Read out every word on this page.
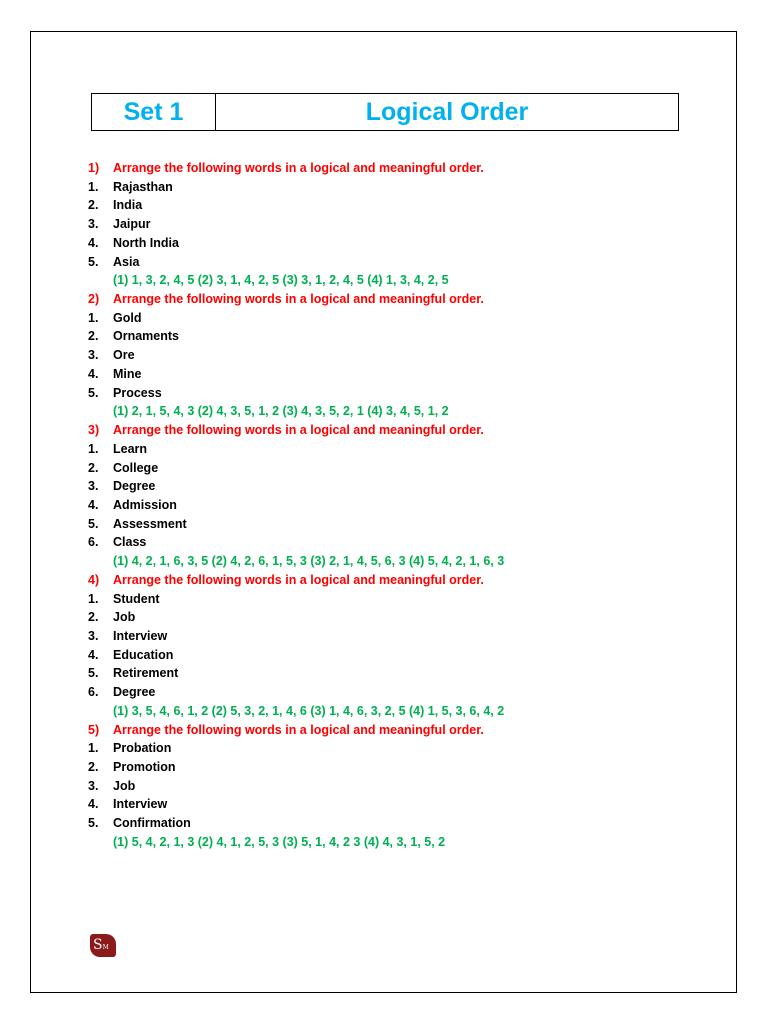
Set 1	Logical Order
1)	Arrange the following words in a logical and meaningful order.
1.	Rajasthan
2.	India
3.	Jaipur
4.	North India
5.	Asia
(1) 1, 3, 2, 4, 5 (2) 3, 1, 4, 2, 5 (3) 3, 1, 2, 4, 5 (4) 1, 3, 4, 2, 5
2)	Arrange the following words in a logical and meaningful order.
1.	Gold
2.	Ornaments
3.	Ore
4.	Mine
5.	Process
(1) 2, 1, 5, 4, 3 (2) 4, 3, 5, 1, 2 (3) 4, 3, 5, 2, 1 (4) 3, 4, 5, 1, 2
3)	Arrange the following words in a logical and meaningful order.
1.	Learn
2.	College
3.	Degree
4.	Admission
5.	Assessment
6.	Class
(1) 4, 2, 1, 6, 3, 5 (2) 4, 2, 6, 1, 5, 3 (3) 2, 1, 4, 5, 6, 3 (4) 5, 4, 2, 1, 6, 3
4)	Arrange the following words in a logical and meaningful order.
1.	Student
2.	Job
3.	Interview
4.	Education
5.	Retirement
6.	Degree
(1) 3, 5, 4, 6, 1, 2 (2) 5, 3, 2, 1, 4, 6 (3) 1, 4, 6, 3, 2, 5 (4) 1, 5, 3, 6, 4, 2
5)	Arrange the following words in a logical and meaningful order.
1.	Probation
2.	Promotion
3.	Job
4.	Interview
5.	Confirmation
(1) 5, 4, 2, 1, 3 (2) 4, 1, 2, 5, 3 (3) 5, 1, 4, 2 3 (4) 4, 3, 1, 5, 2
SM
